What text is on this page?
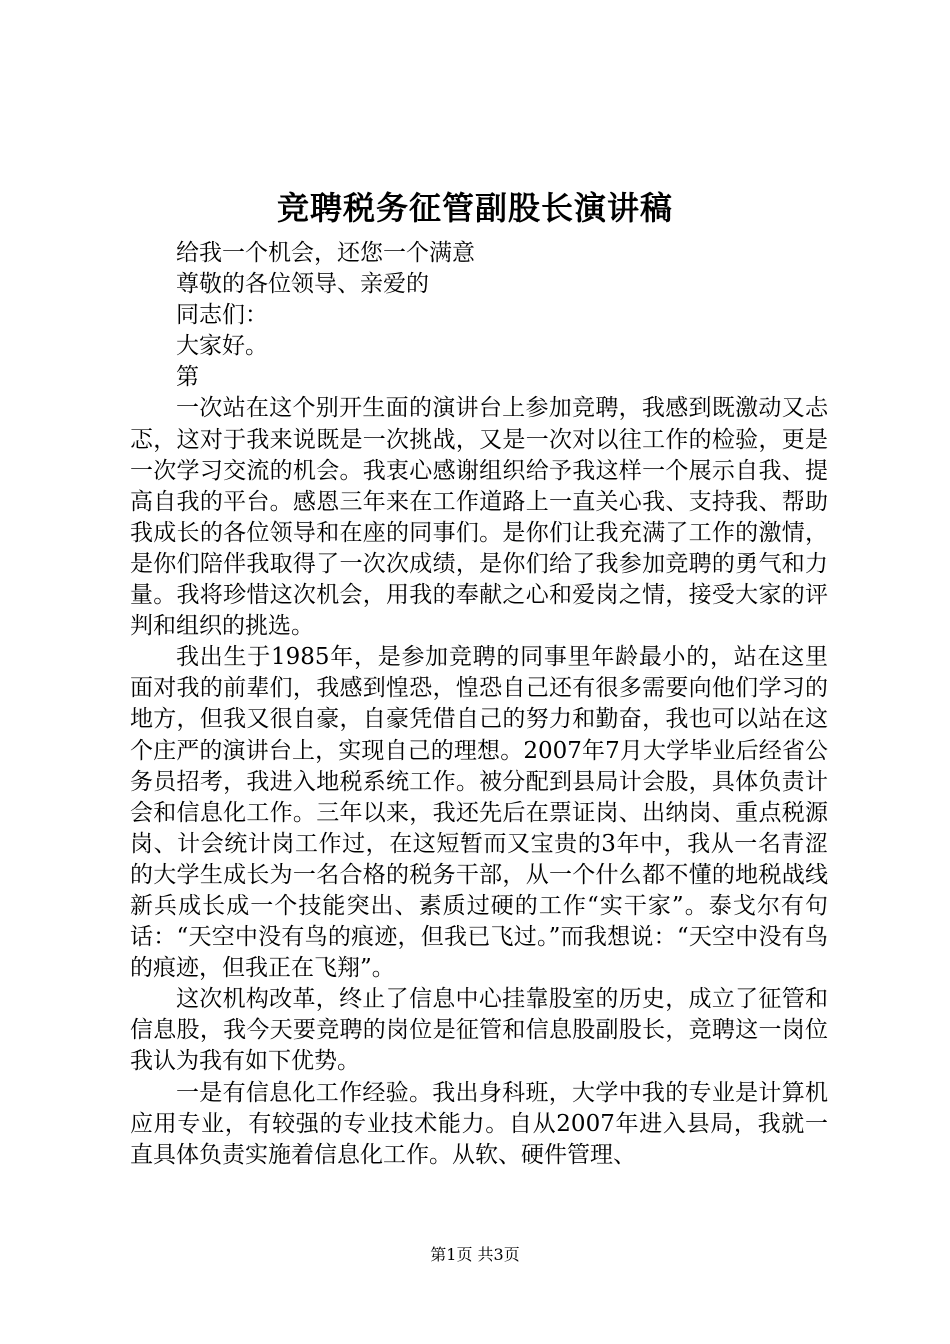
竞聘税务征管副股长演讲稿

给我一个机会，还您一个满意

尊敬的各位领导、亲爱的

同志们：

大家好。

第

一次站在这个别开生面的演讲台上参加竞聘，我感到既激动又忐忑，这对于我来说既是一次挑战，又是一次对以往工作的检验，更是一次学习交流的机会。我衷心感谢组织给予我这样一个展示自我、提高自我的平台。感恩三年来在工作道路上一直关心我、支持我、帮助我成长的各位领导和在座的同事们。是你们让我充满了工作的激情，是你们陪伴我取得了一次次成绩，是你们给了我参加竞聘的勇气和力量。我将珍惜这次机会，用我的奉献之心和爱岗之情，接受大家的评判和组织的挑选。

我出生于1985年，是参加竞聘的同事里年龄最小的，站在这里面对我的前辈们，我感到惶恐，惶恐自己还有很多需要向他们学习的地方，但我又很自豪，自豪凭借自己的努力和勤奋，我也可以站在这个庄严的演讲台上，实现自己的理想。2007年7月大学毕业后经省公务员招考，我进入地税系统工作。被分配到县局计会股，具体负责计会和信息化工作。三年以来，我还先后在票证岗、出纳岗、重点税源岗、计会统计岗工作过，在这短暂而又宝贵的3年中，我从一名青涩的大学生成长为一名合格的税务干部，从一个什么都不懂的地税战线新兵成长成一个技能突出、素质过硬的工作“实干家”。泰戈尔有句话：“天空中没有鸟的痕迹，但我已飞过。”而我想说：“天空中没有鸟的痕迹，但我正在飞翔”。

这次机构改革，终止了信息中心挂靠股室的历史，成立了征管和信息股，我今天要竞聘的岗位是征管和信息股副股长，竞聘这一岗位我认为我有如下优势。

一是有信息化工作经验。我出身科班，大学中我的专业是计算机应用专业，有较强的专业技术能力。自从2007年进入县局，我就一直具体负责实施着信息化工作。从软、硬件管理、

第1页 共3页
